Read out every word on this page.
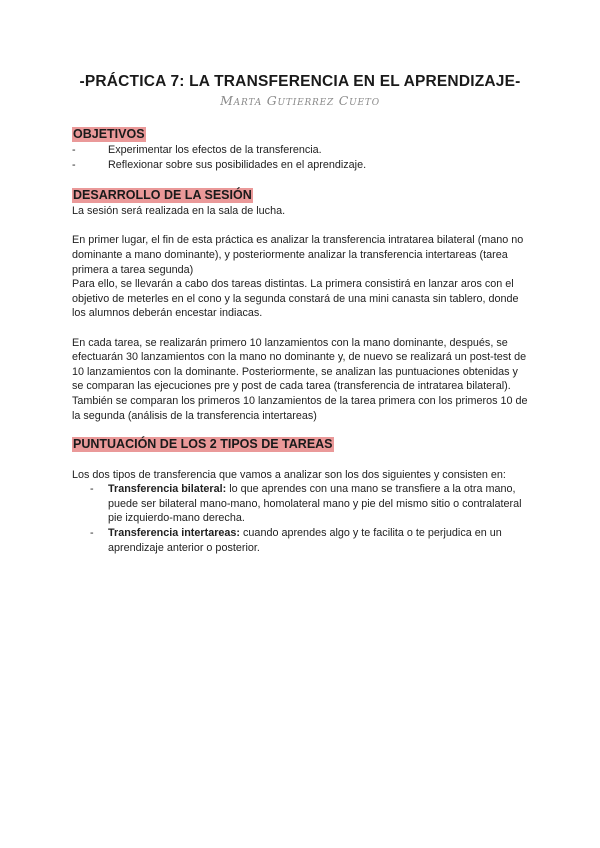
-PRÁCTICA 7: LA TRANSFERENCIA EN EL APRENDIZAJE-
Marta Gutierrez Cueto
OBJETIVOS
-	Experimentar los efectos de la transferencia.
-	Reflexionar sobre sus posibilidades en el aprendizaje.
DESARROLLO DE LA SESIÓN

La sesión será realizada en la sala de lucha.

En primer lugar, el fin de esta práctica es analizar la transferencia intratarea bilateral (mano no dominante a mano dominante), y posteriormente analizar la transferencia intertareas (tarea primera a tarea segunda)

Para ello, se llevarán a cabo dos tareas distintas. La primera consistirá en lanzar aros con el objetivo de meterles en el cono y la segunda constará de una mini canasta sin tablero, donde los alumnos deberán encestar indiacas.

En cada tarea, se realizarán primero 10 lanzamientos con la mano dominante, después, se efectuarán 30 lanzamientos con la mano no dominante y, de nuevo se realizará un post-test de 10 lanzamientos con la dominante. Posteriormente, se analizan las puntuaciones obtenidas y se comparan las ejecuciones pre y post de cada tarea (transferencia de intratarea bilateral). También se comparan los primeros 10 lanzamientos de la tarea primera con los primeros 10 de la segunda (análisis de la transferencia intertareas)

PUNTUACIÓN DE LOS 2 TIPOS DE TAREAS

Los dos tipos de transferencia que vamos a analizar son los dos siguientes y consisten en:

-	Transferencia bilateral: lo que aprendes con una mano se transfiere a la otra mano, puede ser bilateral mano-mano, homolateral mano y pie del mismo sitio o contralateral pie izquierdo-mano derecha.
-	Transferencia intertareas: cuando aprendes algo y te facilita o te perjudica en un aprendizaje anterior o posterior.
